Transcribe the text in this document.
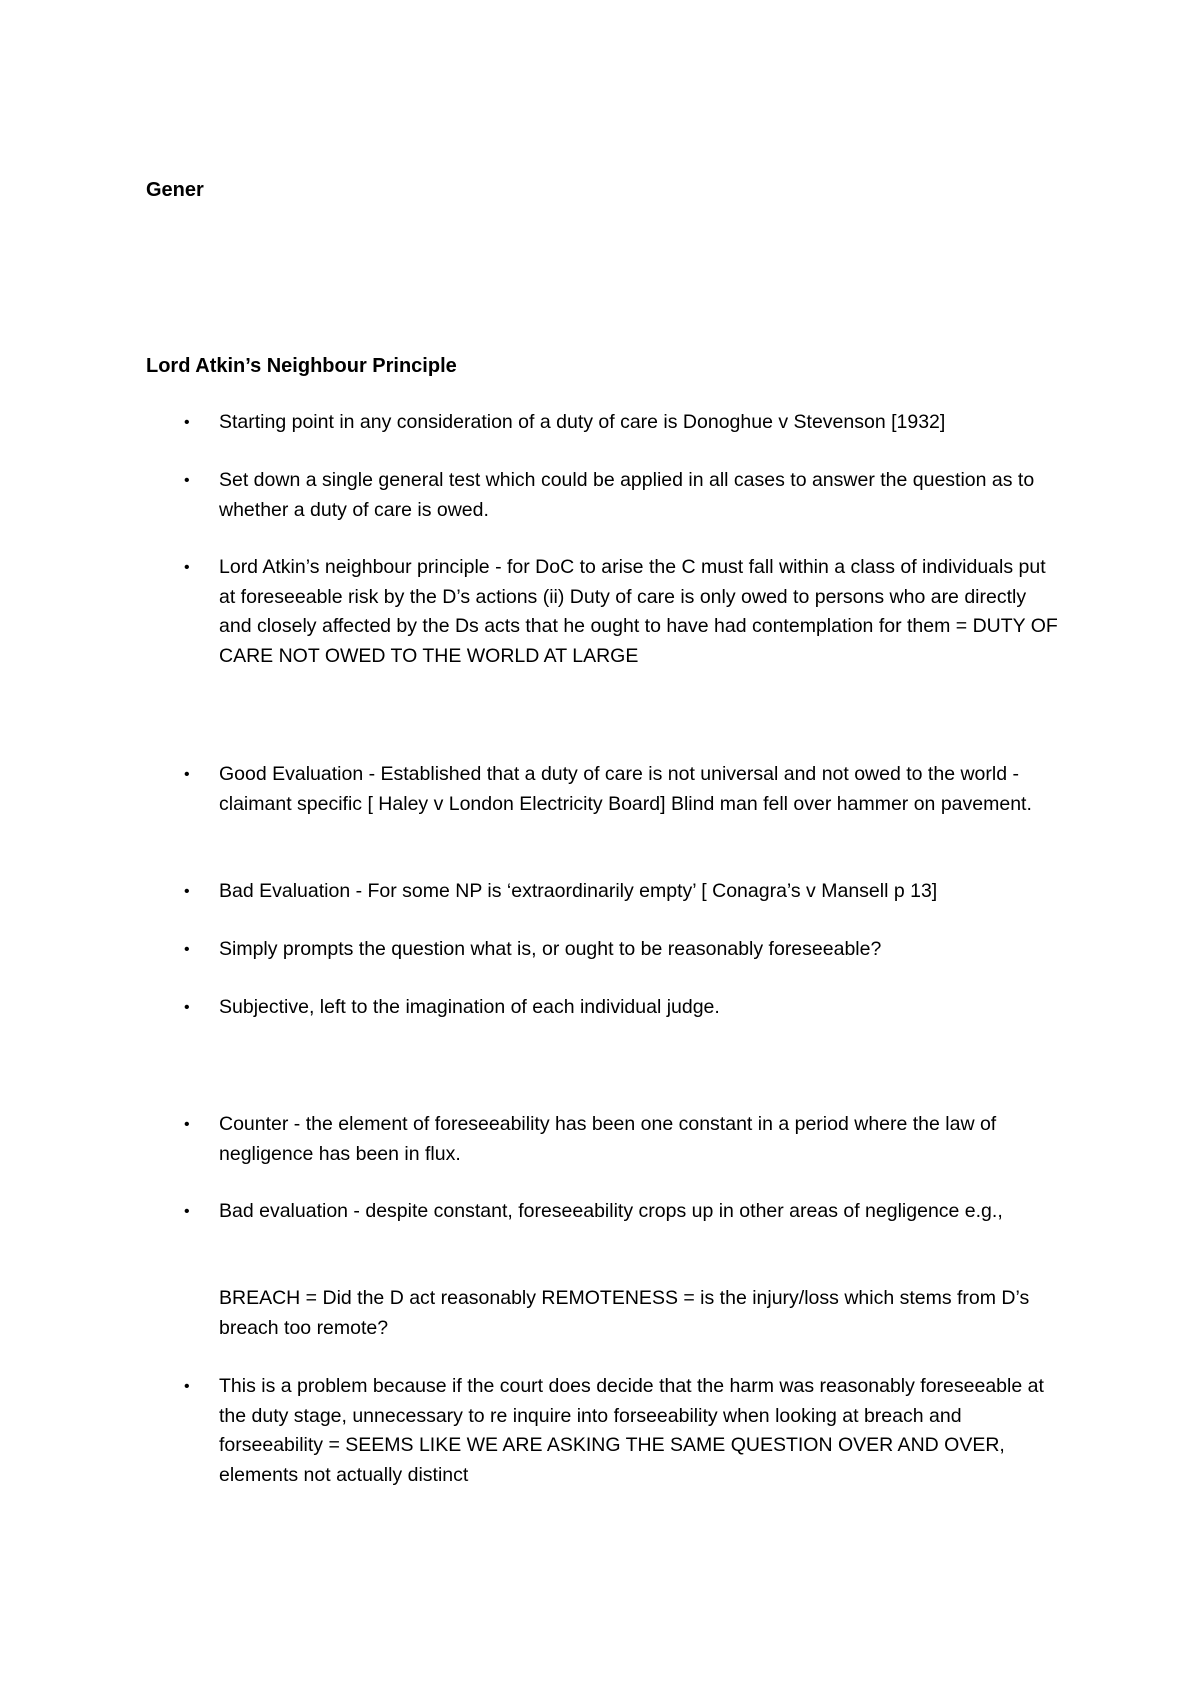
Gener
Lord Atkin’s Neighbour Principle
• Starting point in any consideration of a duty of care is Donoghue v Stevenson [1932]
• Set down a single general test which could be applied in all cases to answer the question as to whether a duty of care is owed.
• Lord Atkin’s neighbour principle - for DoC to arise the C must fall within a class of individuals put at foreseeable risk by the D’s actions (ii) Duty of care is only owed to persons who are directly and closely affected by the Ds acts that he ought to have had contemplation for them = DUTY OF CARE NOT OWED TO THE WORLD AT LARGE
• Good Evaluation - Established that a duty of care is not universal and not owed to the world - claimant specific [ Haley v London Electricity Board] Blind man fell over hammer on pavement.
• Bad Evaluation - For some NP is ‘extraordinarily empty’ [ Conagra’s v Mansell p 13]
• Simply prompts the question what is, or ought to be reasonably foreseeable?
• Subjective, left to the imagination of each individual judge.
• Counter - the element of foreseeability has been one constant in a period where the law of negligence has been in flux.
• Bad evaluation - despite constant, foreseeability crops up in other areas of negligence e.g.,
BREACH = Did the D act reasonably REMOTENESS = is the injury/loss which stems from D’s breach too remote?
• This is a problem because if the court does decide that the harm was reasonably foreseeable at the duty stage, unnecessary to re inquire into forseeability when looking at breach and forseeability = SEEMS LIKE WE ARE ASKING THE SAME QUESTION OVER AND OVER, elements not actually distinct
